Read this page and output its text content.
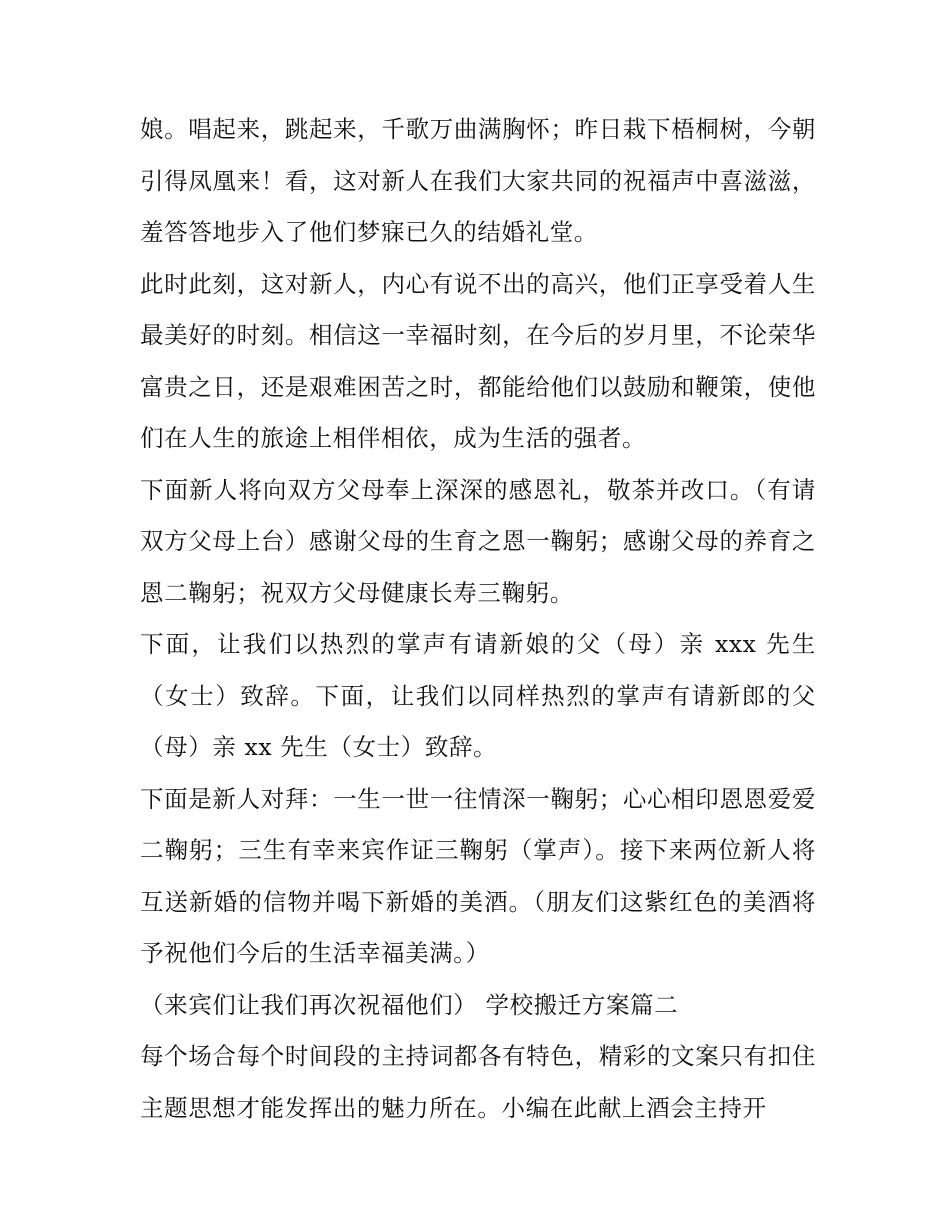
娘。唱起来，跳起来，千歌万曲满胸怀；昨日栽下梧桐树，今朝引得凤凰来！看，这对新人在我们大家共同的祝福声中喜滋滋，羞答答地步入了他们梦寐已久的结婚礼堂。

此时此刻，这对新人，内心有说不出的高兴，他们正享受着人生最美好的时刻。相信这一幸福时刻，在今后的岁月里，不论荣华富贵之日，还是艰难困苦之时，都能给他们以鼓励和鞭策，使他们在人生的旅途上相伴相依，成为生活的强者。

下面新人将向双方父母奉上深深的感恩礼，敬茶并改口。（有请双方父母上台）感谢父母的生育之恩一鞠躬；感谢父母的养育之恩二鞠躬；祝双方父母健康长寿三鞠躬。

下面，让我们以热烈的掌声有请新娘的父（母）亲 xxx 先生（女士）致辞。下面，让我们以同样热烈的掌声有请新郎的父（母）亲 xx 先生（女士）致辞。

下面是新人对拜：一生一世一往情深一鞠躬；心心相印恩恩爱爱二鞠躬；三生有幸来宾作证三鞠躬（掌声）。接下来两位新人将互送新婚的信物并喝下新婚的美酒。（朋友们这紫红色的美酒将予祝他们今后的生活幸福美满。）

（来宾们让我们再次祝福他们） 学校搬迁方案篇二

每个场合每个时间段的主持词都各有特色，精彩的文案只有扣住主题思想才能发挥出的魅力所在。小编在此献上酒会主持开
